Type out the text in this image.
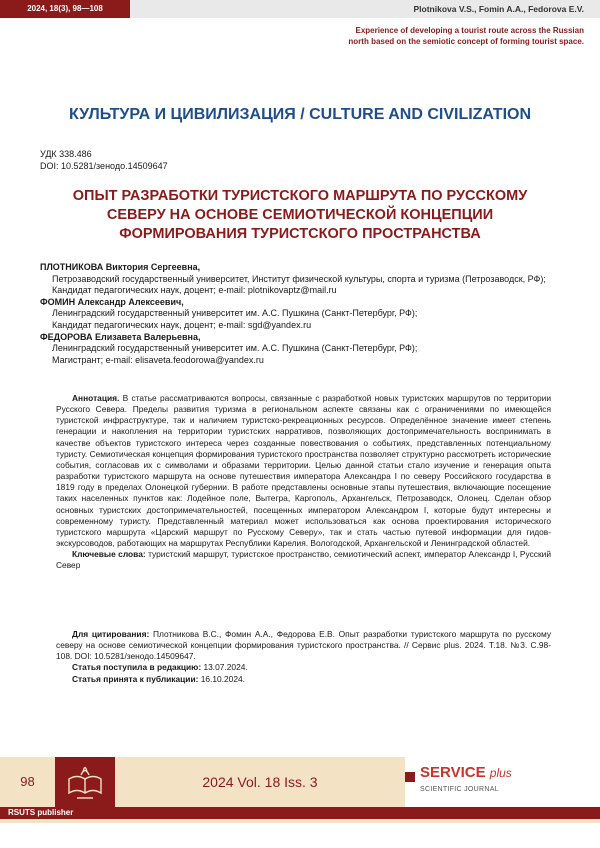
2024, 18(3), 98—108	Plotnikova V.S., Fomin A.A., Fedorova E.V.
Experience of developing a tourist route across the Russian
north based on the semiotic concept of forming tourist space.
КУЛЬТУРА И ЦИВИЛИЗАЦИЯ / CULTURE AND CIVILIZATION
УДК 338.486
DOI: 10.5281/зенодо.14509647
ОПЫТ РАЗРАБОТКИ ТУРИСТСКОГО МАРШРУТА ПО РУССКОМУ
СЕВЕРУ НА ОСНОВЕ СЕМИОТИЧЕСКОЙ КОНЦЕПЦИИ
ФОРМИРОВАНИЯ ТУРИСТСКОГО ПРОСТРАНСТВА
ПЛОТНИКОВА Виктория Сергеевна,
Петрозаводский государственный университет, Институт физической культуры, спорта и туризма (Петрозаводск, РФ);
Кандидат педагогических наук, доцент; e-mail: plotnikovaptz@mail.ru
ФОМИН Александр Алексеевич,
Ленинградский государственный университет им. А.С. Пушкина (Санкт-Петербург, РФ);
Кандидат педагогических наук, доцент; e-mail: sgd@yandex.ru
ФЕДОРОВА Елизавета Валерьевна,
Ленинградский государственный университет им. А.С. Пушкина (Санкт-Петербург, РФ);
Магистрант; e-mail: elisaveta.feodorowa@yandex.ru

Аннотация. В статье рассматриваются вопросы, связанные с разработкой новых туристских маршрутов по территории Русского Севера. Пределы развития туризма в региональном аспекте связаны как с ограничениями по имеющейся туристской инфраструктуре, так и наличием туристско-рекреационных ресурсов. Определённое значение имеет степень генерации и накопления на территории туристских нарративов, позволяющих достопримечательность воспринимать в качестве объектов туристского интереса через созданные повествования о событиях, представленных потенциальному туристу. Семиотическая концепция формирования туристского пространства позволяет структурно рассмотреть исторические события, согласовав их с символами и образами территории. Целью данной статьи стало изучение и генерация опыта разработки туристского маршрута на основе путешествия императора Александра I по северу Российского государства в 1819 году в пределах Олонецкой губернии. В работе представлены основные этапы путешествия, включающие посещение таких населенных пунктов как: Лодейное поле, Вытегра, Каргополь, Архангельск, Петрозаводск, Олонец. Сделан обзор основных туристских достопримечательностей, посещенных императором Александром I, которые будут интересны и современному туристу. Представленный материал может использоваться как основа проектирования исторического туристского маршрута «Царский маршрут по Русскому Северу», так и стать частью путевой информации для гидов-экскурсоводов, работающих на маршрутах Республики Карелия. Вологодской, Архангельской и Ленинградской областей.

Ключевые слова: туристский маршрут, туристское пространство, семиотический аспект, император Александр I, Русский Север

Для цитирования: Плотникова В.С., Фомин А.А., Федорова Е.В. Опыт разработки туристского маршрута по русскому северу на основе семиотической концепции формирования туристского пространства. // Сервис plus. 2024. Т.18. №3. С.98-108. DOI: 10.5281/зенодо.14509647.

Статья поступила в редакцию: 13.07.2024.

Статья принята к публикации: 16.10.2024.

98	2024 Vol. 18 Iss. 3
SERVICE plus
SCIENTIFIC JOURNAL
RSUTS publisher
